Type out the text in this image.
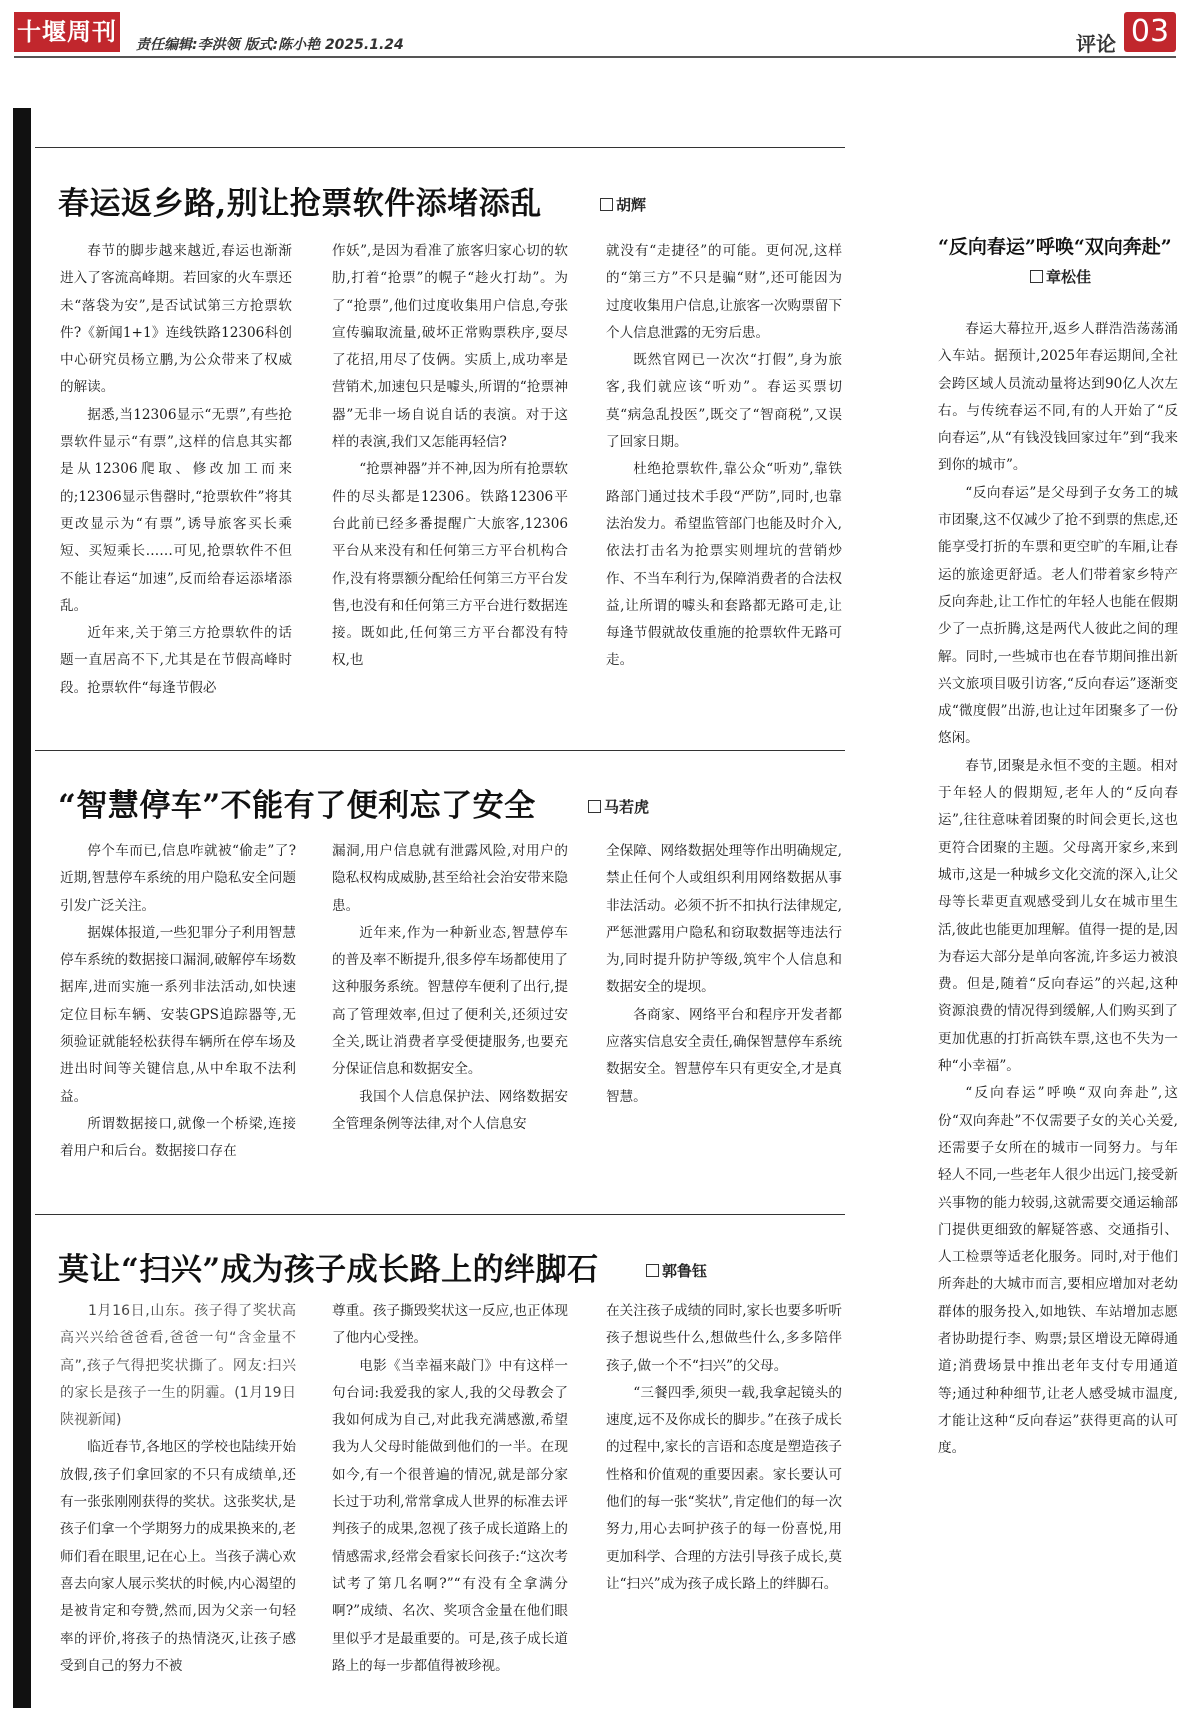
十堰周刊 责任编辑:李洪领 版式:陈小艳 2025.1.24	评论 03
春运返乡路,别让抢票软件添堵添乱	胡辉

春节的脚步越来越近,春运也渐渐进入了客流高峰期。若回家的火车票还未“落袋为安”,是否试试第三方抢票软件?《新闻1+1》连线铁路12306科创中心研究员杨立鹏,为公众带来了权威的解读。

据悉,当12306显示“无票”,有些抢票软件显示“有票”,这样的信息其实都是从12306爬取、修改加工而来的;12306显示售罄时,“抢票软件”将其更改显示为“有票”,诱导旅客买长乘短、买短乘长……可见,抢票软件不但不能让春运“加速”,反而给春运添堵添乱。

近年来,关于第三方抢票软件的话题一直居高不下,尤其是在节假高峰时段。抢票软件“每逢节假必

作妖”,是因为看准了旅客归家心切的软肋,打着“抢票”的幌子“趁火打劫”。为了“抢票”,他们过度收集用户信息,夸张宣传骗取流量,破坏正常购票秩序,耍尽了花招,用尽了伎俩。实质上,成功率是营销术,加速包只是噱头,所谓的“抢票神器”无非一场自说自话的表演。对于这样的表演,我们又怎能再轻信?

“抢票神器”并不神,因为所有抢票软件的尽头都是12306。铁路12306平台此前已经多番提醒广大旅客,12306平台从来没有和任何第三方平台机构合作,没有将票额分配给任何第三方平台发售,也没有和任何第三方平台进行数据连接。既如此,任何第三方平台都没有特权,也

就没有“走捷径”的可能。更何况,这样的“第三方”不只是骗“财”,还可能因为过度收集用户信息,让旅客一次购票留下个人信息泄露的无穷后患。

既然官网已一次次“打假”,身为旅客,我们就应该“听劝”。春运买票切莫“病急乱投医”,既交了“智商税”,又误了回家日期。

杜绝抢票软件,靠公众“听劝”,靠铁路部门通过技术手段“严防”,同时,也靠法治发力。希望监管部门也能及时介入,依法打击名为抢票实则埋坑的营销炒作、不当车利行为,保障消费者的合法权益,让所谓的噱头和套路都无路可走,让每逢节假就故伎重施的抢票软件无路可走。

“智慧停车”不能有了便利忘了安全	马若虎

停个车而已,信息咋就被“偷走”了?近期,智慧停车系统的用户隐私安全问题引发广泛关注。

据媒体报道,一些犯罪分子利用智慧停车系统的数据接口漏洞,破解停车场数据库,进而实施一系列非法活动,如快速定位目标车辆、安装GPS追踪器等,无须验证就能轻松获得车辆所在停车场及进出时间等关键信息,从中牟取不法利益。

所谓数据接口,就像一个桥梁,连接着用户和后台。数据接口存在

漏洞,用户信息就有泄露风险,对用户的隐私权构成威胁,甚至给社会治安带来隐患。

近年来,作为一种新业态,智慧停车的普及率不断提升,很多停车场都使用了这种服务系统。智慧停车便利了出行,提高了管理效率,但过了便利关,还须过安全关,既让消费者享受便捷服务,也要充分保证信息和数据安全。

我国个人信息保护法、网络数据安全管理条例等法律,对个人信息安

全保障、网络数据处理等作出明确规定,禁止任何个人或组织利用网络数据从事非法活动。必须不折不扣执行法律规定,严惩泄露用户隐私和窃取数据等违法行为,同时提升防护等级,筑牢个人信息和数据安全的堤坝。

各商家、网络平台和程序开发者都应落实信息安全责任,确保智慧停车系统数据安全。智慧停车只有更安全,才是真智慧。

莫让“扫兴”成为孩子成长路上的绊脚石	郭鲁钰

1月16日,山东。孩子得了奖状高高兴兴给爸爸看,爸爸一句“含金量不高”,孩子气得把奖状撕了。网友:扫兴的家长是孩子一生的阴霾。(1月19日陕视新闻)

临近春节,各地区的学校也陆续开始放假,孩子们拿回家的不只有成绩单,还有一张张刚刚获得的奖状。这张奖状,是孩子们拿一个学期努力的成果换来的,老师们看在眼里,记在心上。当孩子满心欢喜去向家人展示奖状的时候,内心渴望的是被肯定和夸赞,然而,因为父亲一句轻率的评价,将孩子的热情浇灭,让孩子感受到自己的努力不被

尊重。孩子撕毁奖状这一反应,也正体现了他内心受挫。

电影《当幸福来敲门》中有这样一句台词:我爱我的家人,我的父母教会了我如何成为自己,对此我充满感激,希望我为人父母时能做到他们的一半。在现如今,有一个很普遍的情况,就是部分家长过于功利,常常拿成人世界的标准去评判孩子的成果,忽视了孩子成长道路上的情感需求,经常会看家长问孩子:“这次考试考了第几名啊?”“有没有全拿满分啊?”成绩、名次、奖项含金量在他们眼里似乎才是最重要的。可是,孩子成长道路上的每一步都值得被珍视。

在关注孩子成绩的同时,家长也要多听听孩子想说些什么,想做些什么,多多陪伴孩子,做一个不“扫兴”的父母。

“三餐四季,须臾一载,我拿起镜头的速度,远不及你成长的脚步。”在孩子成长的过程中,家长的言语和态度是塑造孩子性格和价值观的重要因素。家长要认可他们的每一张“奖状”,肯定他们的每一次努力,用心去呵护孩子的每一份喜悦,用更加科学、合理的方法引导孩子成长,莫让“扫兴”成为孩子成长路上的绊脚石。

“反向春运”呼唤“双向奔赴”
章松佳

春运大幕拉开,返乡人群浩浩荡荡涌入车站。据预计,2025年春运期间,全社会跨区域人员流动量将达到90亿人次左右。与传统春运不同,有的人开始了“反向春运”,从“有钱没钱回家过年”到“我来到你的城市”。

“反向春运”是父母到子女务工的城市团聚,这不仅减少了抢不到票的焦虑,还能享受打折的车票和更空旷的车厢,让春运的旅途更舒适。老人们带着家乡特产反向奔赴,让工作忙的年轻人也能在假期少了一点折腾,这是两代人彼此之间的理解。同时,一些城市也在春节期间推出新兴文旅项目吸引访客,“反向春运”逐渐变成“微度假”出游,也让过年团聚多了一份悠闲。

春节,团聚是永恒不变的主题。相对于年轻人的假期短,老年人的“反向春运”,往往意味着团聚的时间会更长,这也更符合团聚的主题。父母离开家乡,来到城市,这是一种城乡文化交流的深入,让父母等长辈更直观感受到儿女在城市里生活,彼此也能更加理解。值得一提的是,因为春运大部分是单向客流,许多运力被浪费。但是,随着“反向春运”的兴起,这种资源浪费的情况得到缓解,人们购买到了更加优惠的打折高铁车票,这也不失为一种“小幸福”。

“反向春运”呼唤“双向奔赴”,这份“双向奔赴”不仅需要子女的关心关爱,还需要子女所在的城市一同努力。与年轻人不同,一些老年人很少出远门,接受新兴事物的能力较弱,这就需要交通运输部门提供更细致的解疑答惑、交通指引、人工检票等适老化服务。同时,对于他们所奔赴的大城市而言,要相应增加对老幼群体的服务投入,如地铁、车站增加志愿者协助提行李、购票;景区增设无障碍通道;消费场景中推出老年支付专用通道等;通过种种细节,让老人感受城市温度,才能让这种“反向春运”获得更高的认可度。
